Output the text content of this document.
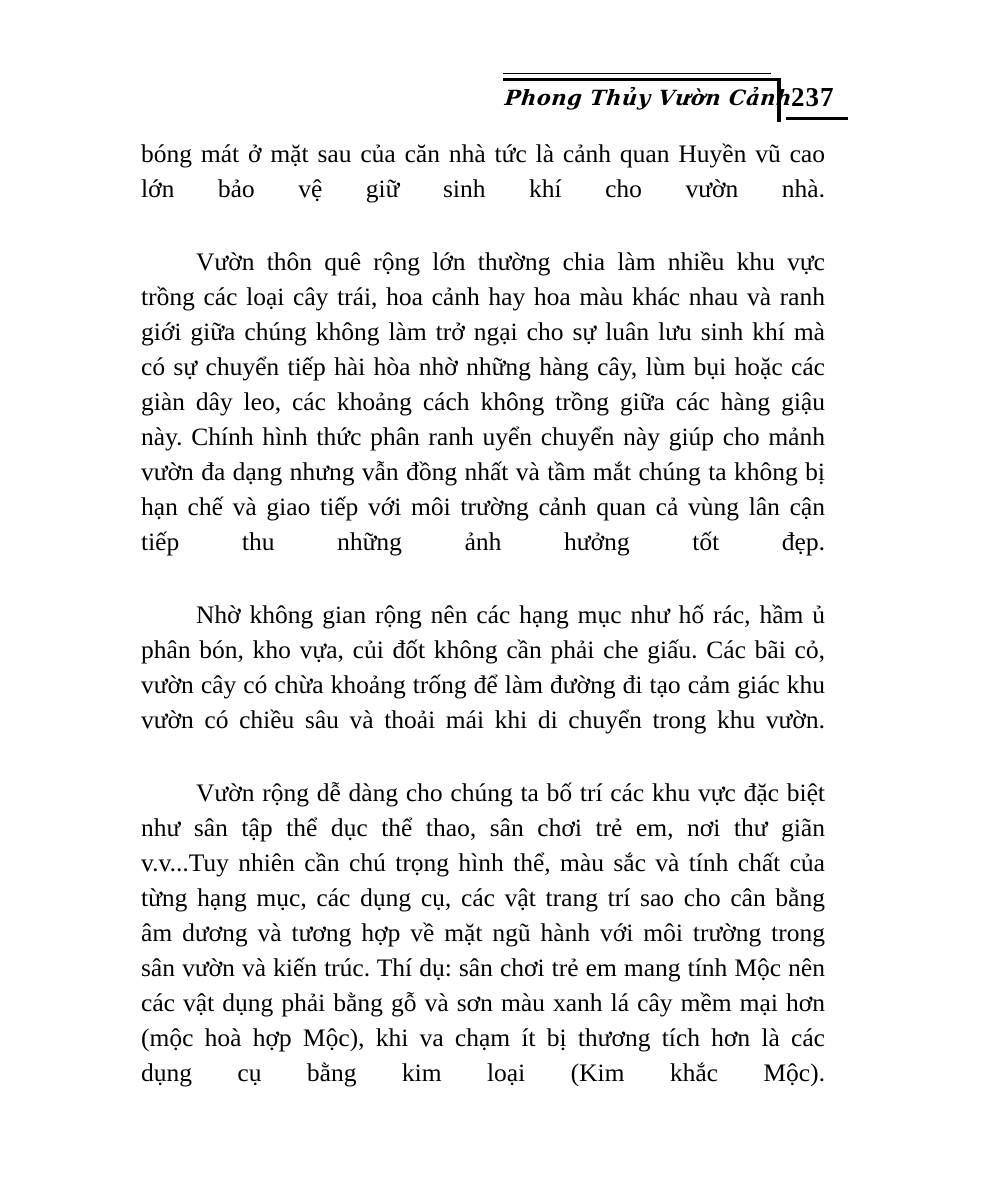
Phong Thủy Vườn Cảnh
237

bóng mát ở mặt sau của căn nhà tức là cảnh quan Huyền vũ cao lớn bảo vệ giữ sinh khí cho vườn nhà.

Vườn thôn quê rộng lớn thường chia làm nhiều khu vực trồng các loại cây trái, hoa cảnh hay hoa màu khác nhau và ranh giới giữa chúng không làm trở ngại cho sự luân lưu sinh khí mà có sự chuyển tiếp hài hòa nhờ những hàng cây, lùm bụi hoặc các giàn dây leo, các khoảng cách không trồng giữa các hàng giậu này. Chính hình thức phân ranh uyển chuyển này giúp cho mảnh vườn đa dạng nhưng vẫn đồng nhất và tầm mắt chúng ta không bị hạn chế và giao tiếp với môi trường cảnh quan cả vùng lân cận tiếp thu những ảnh hưởng tốt đẹp.

Nhờ không gian rộng nên các hạng mục như hố rác, hầm ủ phân bón, kho vựa, củi đốt không cần phải che giấu. Các bãi cỏ, vườn cây có chừa khoảng trống để làm đường đi tạo cảm giác khu vườn có chiều sâu và thoải mái khi di chuyển trong khu vườn.

Vườn rộng dễ dàng cho chúng ta bố trí các khu vực đặc biệt như sân tập thể dục thể thao, sân chơi trẻ em, nơi thư giãn v.v...Tuy nhiên cần chú trọng hình thể, màu sắc và tính chất của từng hạng mục, các dụng cụ, các vật trang trí sao cho cân bằng âm dương và tương hợp về mặt ngũ hành với môi trường trong sân vườn và kiến trúc. Thí dụ: sân chơi trẻ em mang tính Mộc nên các vật dụng phải bằng gỗ và sơn màu xanh lá cây mềm mại hơn (mộc hoà hợp Mộc), khi va chạm ít bị thương tích hơn là các dụng cụ bằng kim loại (Kim khắc Mộc).
